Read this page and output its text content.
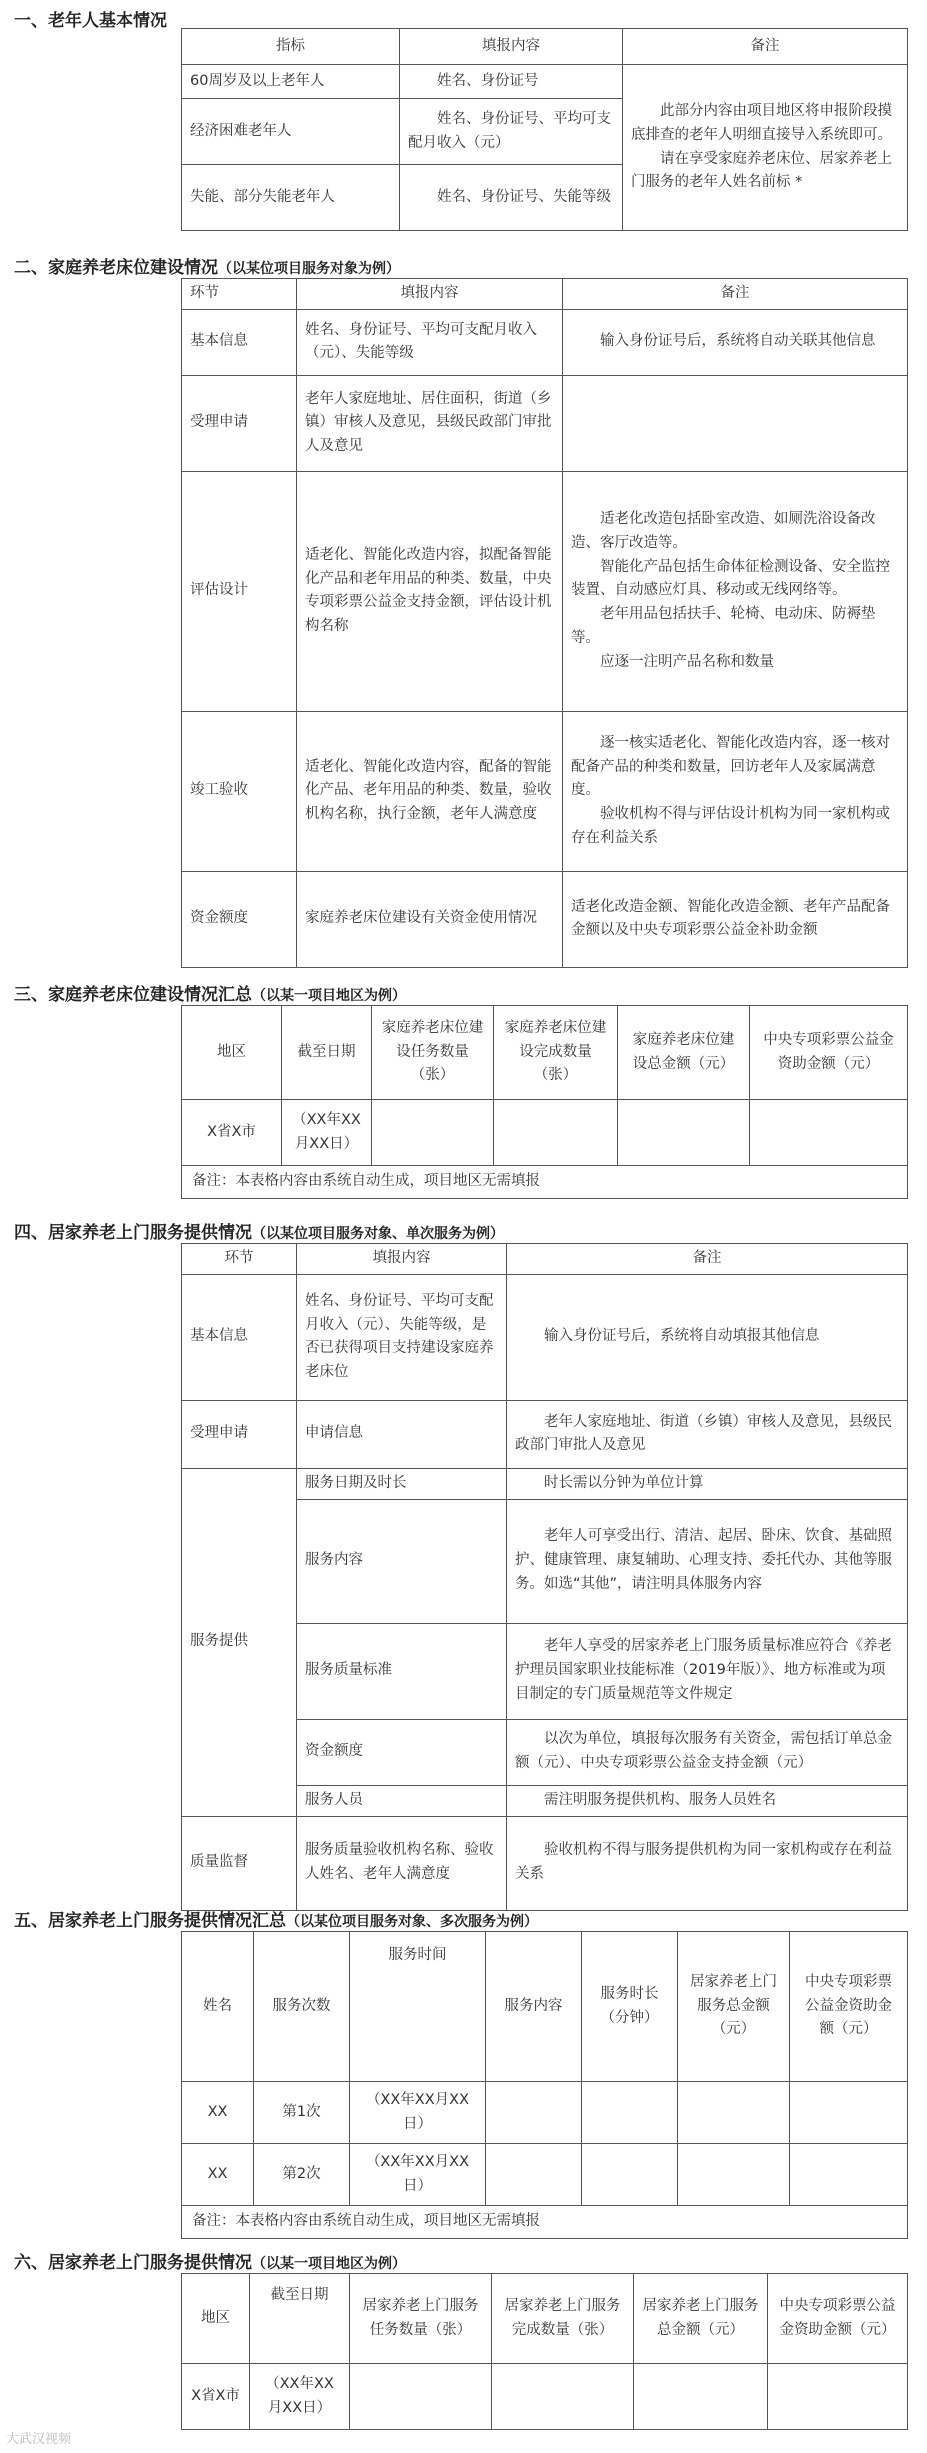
一、老年人基本情况
指标	填报内容	备注
60周岁及以上老年人	姓名、身份证号	此部分内容由项目地区将申报阶段摸底排查的老年人明细直接导入系统即可。
请在享受家庭养老床位、居家养老上门服务的老年人姓名前标 *

经济困难老年人	姓名、身份证号、平均可支配月收入（元）	
失能、部分失能老年人	姓名、身份证号、失能等级	
二、家庭养老床位建设情况（以某位项目服务对象为例）
环节	填报内容	备注
基本信息	姓名、身份证号、平均可支配月收入（元）、失能等级	输入身份证号后，系统将自动关联其他信息
受理申请	老年人家庭地址、居住面积，街道（乡镇）审核人及意见，县级民政部门审批人及意见	
评估设计	适老化、智能化改造内容，拟配备智能化产品和老年用品的种类、数量，中央专项彩票公益金支持金额，评估设计机构名称	适老化改造包括卧室改造、如厕洗浴设备改造、客厅改造等。
智能化产品包括生命体征检测设备、安全监控装置、自动感应灯具、移动或无线网络等。
老年用品包括扶手、轮椅、电动床、防褥垫等。
应逐一注明产品名称和数量

竣工验收	适老化、智能化改造内容，配备的智能化产品、老年用品的种类、数量，验收机构名称，执行金额，老年人满意度	逐一核实适老化、智能化改造内容，逐一核对配备产品的种类和数量，回访老年人及家属满意度。
验收机构不得与评估设计机构为同一家机构或存在利益关系

资金额度	家庭养老床位建设有关资金使用情况	适老化改造金额、智能化改造金额、老年产品配备金额以及中央专项彩票公益金补助金额
三、家庭养老床位建设情况汇总（以某一项目地区为例）
地区	截至日期	家庭养老床位建设任务数量（张）	家庭养老床位建设完成数量（张）	家庭养老床位建设总金额（元）	中央专项彩票公益金资助金额（元）
X省X市	（XX年XX月XX日）				
备注：本表格内容由系统自动生成，项目地区无需填报					
四、居家养老上门服务提供情况（以某位项目服务对象、单次服务为例）
环节	填报内容	备注
基本信息	姓名、身份证号、平均可支配月收入（元）、失能等级，是否已获得项目支持建设家庭养老床位	输入身份证号后，系统将自动填报其他信息
受理申请	申请信息	老年人家庭地址、街道（乡镇）审核人及意见，县级民政部门审批人及意见
服务提供	服务日期及时长	时长需以分钟为单位计算
	服务内容	老年人可享受出行、清洁、起居、卧床、饮食、基础照护、健康管理、康复辅助、心理支持、委托代办、其他等服务。如选“其他”，请注明具体服务内容
	服务质量标准	老年人享受的居家养老上门服务质量标准应符合《养老护理员国家职业技能标准（2019年版）》、地方标准或为项目制定的专门质量规范等文件规定
	资金额度	以次为单位，填报每次服务有关资金，需包括订单总金额（元）、中央专项彩票公益金支持金额（元）
	服务人员	需注明服务提供机构、服务人员姓名
质量监督	服务质量验收机构名称、验收人姓名、老年人满意度	验收机构不得与服务提供机构为同一家机构或存在利益关系
五、居家养老上门服务提供情况汇总（以某位项目服务对象、多次服务为例）
姓名	服务次数	服务时间	服务内容	服务时长（分钟）	居家养老上门服务总金额（元）	中央专项彩票公益金资助金额（元）
XX	第1次	（XX年XX月XX日）				
XX	第2次	（XX年XX月XX日）				
备注：本表格内容由系统自动生成，项目地区无需填报						
六、居家养老上门服务提供情况（以某一项目地区为例）
地区	截至日期	居家养老上门服务任务数量（张）	居家养老上门服务完成数量（张）	居家养老上门服务总金额（元）	中央专项彩票公益金资助金额（元）
X省X市	（XX年XX月XX日）				
大武汉视频
